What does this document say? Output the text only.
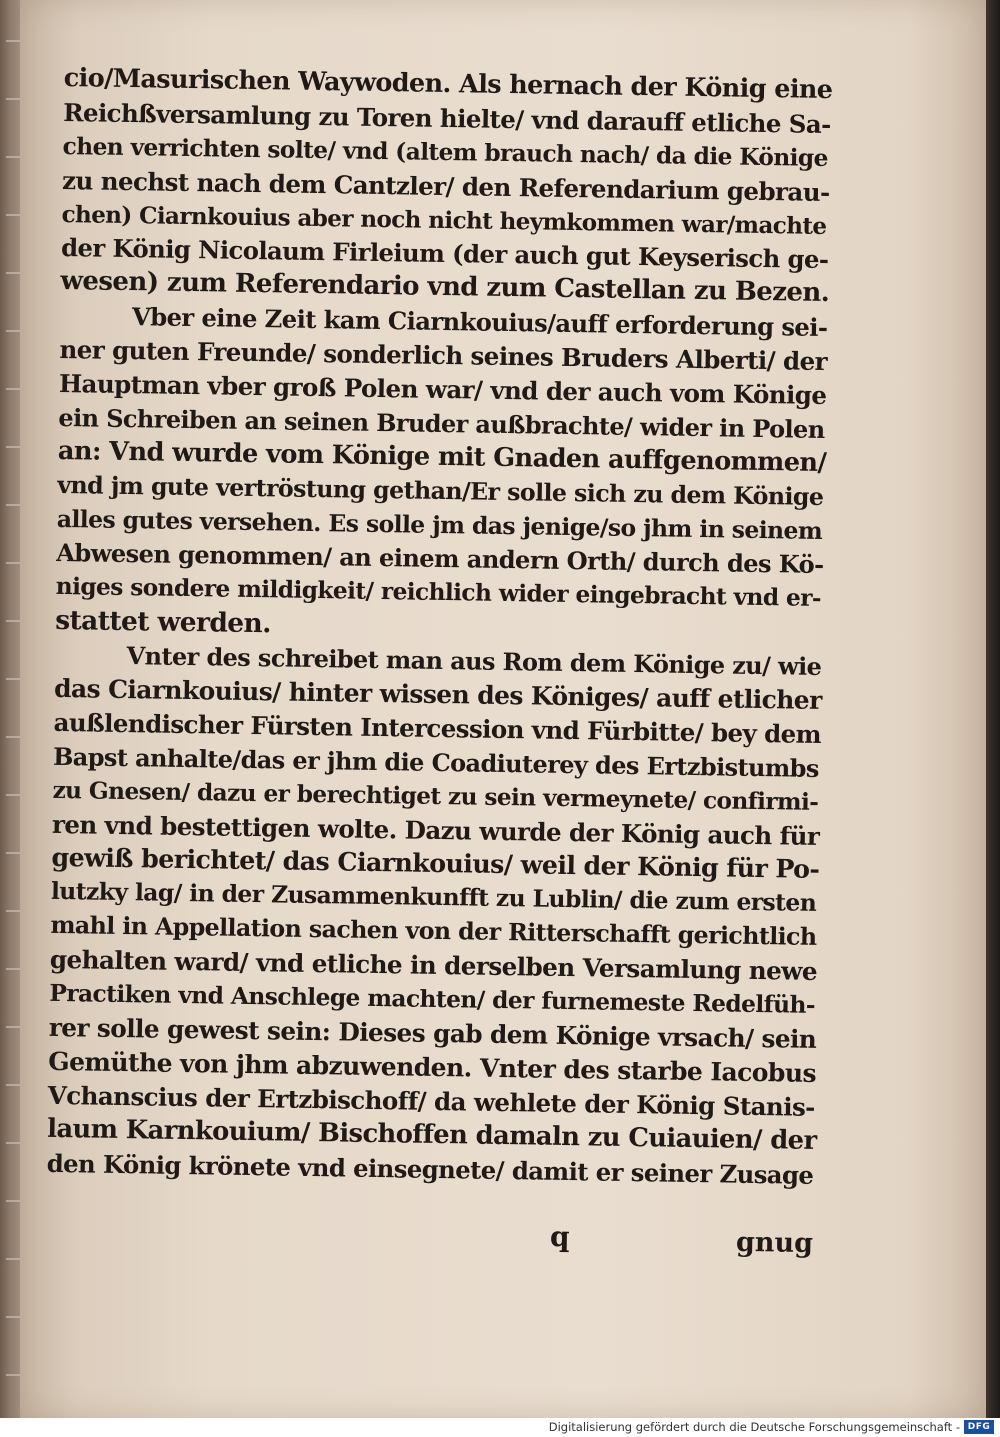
cio/Masurischen Waywoden. Als hernach der König eine
Reichßversamlung zu Toren hielte/ vnd darauff etliche Sa-
chen verrichten solte/ vnd (altem brauch nach/ da die Könige
zu nechst nach dem Cantzler/ den Referendarium gebrau-
chen) Ciarnkouius aber noch nicht heymkommen war/machte
der König Nicolaum Firleium (der auch gut Keyserisch ge-
wesen) zum Referendario vnd zum Castellan zu Bezen.
Vber eine Zeit kam Ciarnkouius/auff erforderung sei-
ner guten Freunde/ sonderlich seines Bruders Alberti/ der
Hauptman vber groß Polen war/ vnd der auch vom Könige
ein Schreiben an seinen Bruder außbrachte/ wider in Polen
an: Vnd wurde vom Könige mit Gnaden auffgenommen/
vnd jm gute vertröstung gethan/Er solle sich zu dem Könige
alles gutes versehen. Es solle jm das jenige/so jhm in seinem
Abwesen genommen/ an einem andern Orth/ durch des Kö-
niges sondere mildigkeit/ reichlich wider eingebracht vnd er-
stattet werden.
Vnter des schreibet man aus Rom dem Könige zu/ wie
das Ciarnkouius/ hinter wissen des Königes/ auff etlicher
außlendischer Fürsten Intercession vnd Fürbitte/ bey dem
Bapst anhalte/das er jhm die Coadiuterey des Ertzbistumbs
zu Gnesen/ dazu er berechtiget zu sein vermeynete/ confirmi-
ren vnd bestettigen wolte. Dazu wurde der König auch für
gewiß berichtet/ das Ciarnkouius/ weil der König für Po-
lutzky lag/ in der Zusammenkunfft zu Lublin/ die zum ersten
mahl in Appellation sachen von der Ritterschafft gerichtlich
gehalten ward/ vnd etliche in derselben Versamlung newe
Practiken vnd Anschlege machten/ der furnemeste Redelfüh-
rer solle gewest sein: Dieses gab dem Könige vrsach/ sein
Gemüthe von jhm abzuwenden. Vnter des starbe Iacobus
Vchanscius der Ertzbischoff/ da wehlete der König Stanis-
laum Karnkouium/ Bischoffen damaln zu Cuiauien/ der
den König krönete vnd einsegnete/ damit er seiner Zusage
q	gnug
Digitalisierung gefördert durch die Deutsche Forschungsgemeinschaft - DFG
